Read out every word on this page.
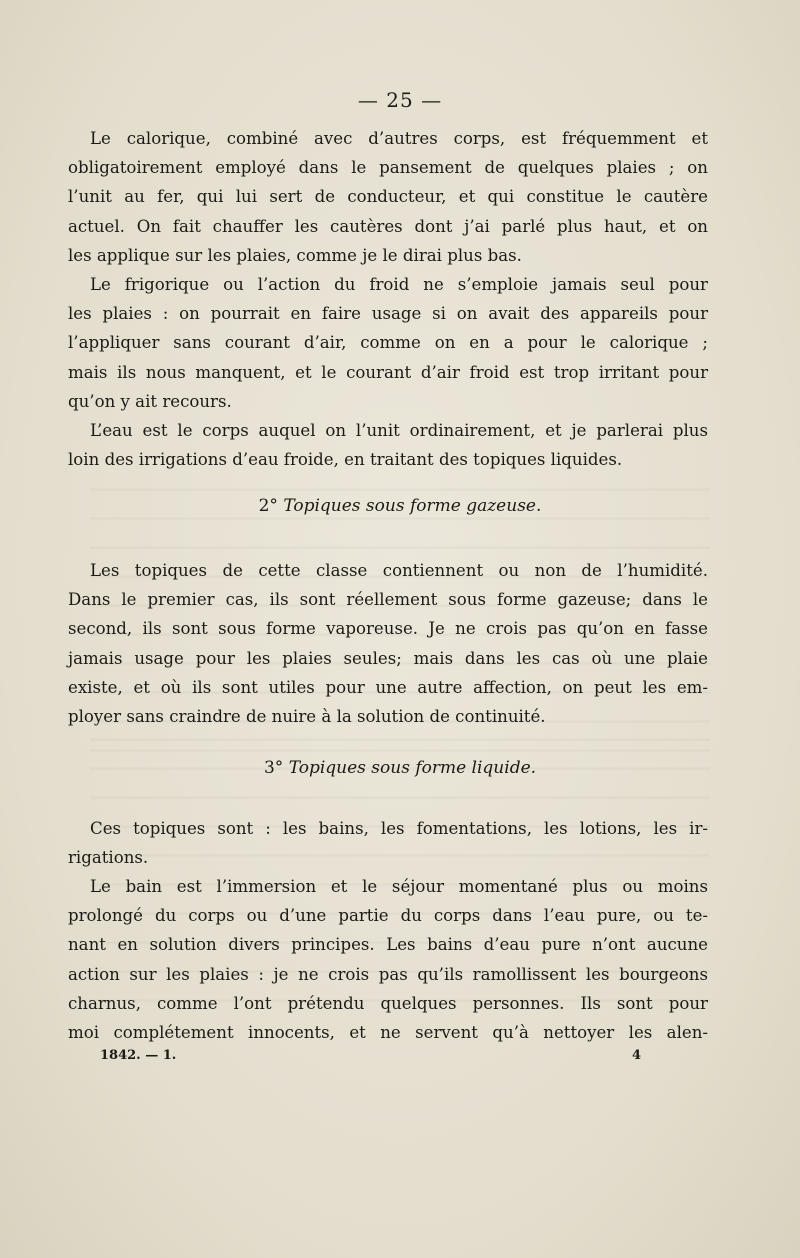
— 25 —
Le calorique, combiné avec d’autres corps, est fréquemment et
obligatoirement employé dans le pansement de quelques plaies ; on
l’unit au fer, qui lui sert de conducteur, et qui constitue le cautère
actuel. On fait chauffer les cautères dont j’ai parlé plus haut, et on
les applique sur les plaies, comme je le dirai plus bas.
Le frigorique ou l’action du froid ne s’emploie jamais seul pour
les plaies : on pourrait en faire usage si on avait des appareils pour
l’appliquer sans courant d’air, comme on en a pour le calorique ;
mais ils nous manquent, et le courant d’air froid est trop irritant pour
qu’on y ait recours.
L’eau est le corps auquel on l’unit ordinairement, et je parlerai plus
loin des irrigations d’eau froide, en traitant des topiques liquides.
2° Topiques sous forme gazeuse.
Les topiques de cette classe contiennent ou non de l’humidité.
Dans le premier cas, ils sont réellement sous forme gazeuse; dans le
second, ils sont sous forme vaporeuse. Je ne crois pas qu’on en fasse
jamais usage pour les plaies seules; mais dans les cas où une plaie
existe, et où ils sont utiles pour une autre affection, on peut les em-
ployer sans craindre de nuire à la solution de continuité.
3° Topiques sous forme liquide.
Ces topiques sont : les bains, les fomentations, les lotions, les ir-
rigations.
Le bain est l’immersion et le séjour momentané plus ou moins
prolongé du corps ou d’une partie du corps dans l’eau pure, ou te-
nant en solution divers principes. Les bains d’eau pure n’ont aucune
action sur les plaies : je ne crois pas qu’ils ramollissent les bourgeons
charnus, comme l’ont prétendu quelques personnes. Ils sont pour
moi complétement innocents, et ne servent qu’à nettoyer les alen-
1842. — 1.	4
